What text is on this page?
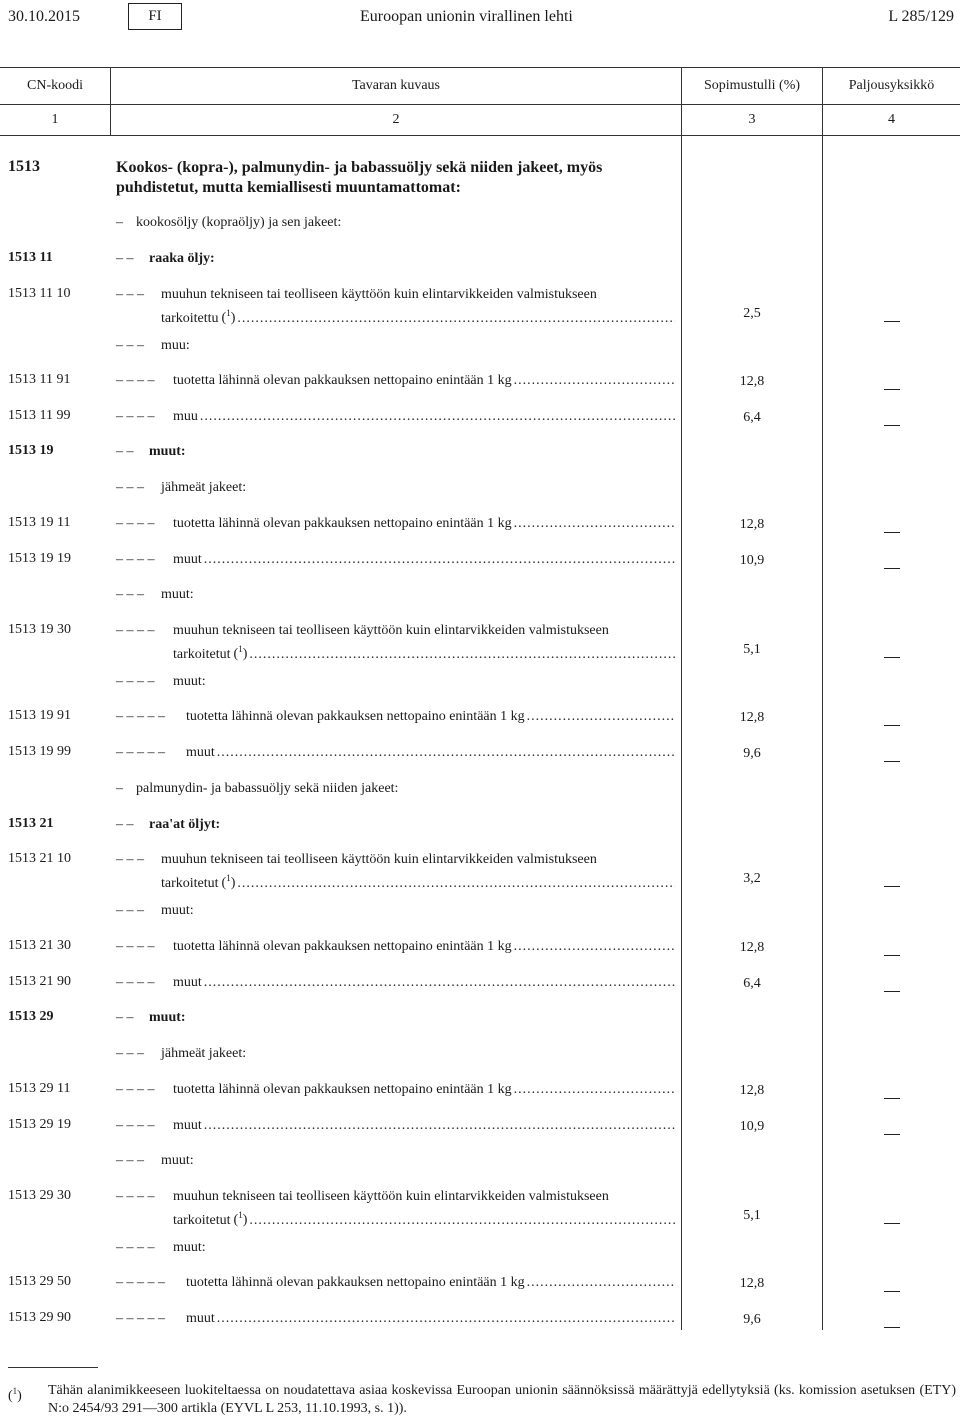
30.10.2015	FI	Euroopan unionin virallinen lehti	L 285/129
CN-koodi	Tavaran kuvaus	Sopimustulli (%)	Paljousyksikkö
1	2	3	4
1513	Kookos- (kopra-), palmunydin- ja babassuöljy sekä niiden jakeet, myös
puhdistetut, mutta kemiallisesti muuntamattomat:
– kookosöljy (kopraöljy) ja sen jakeet:
1513 11	– – raaka öljy:
1513 11 10	– – – muuhun tekniseen tai teolliseen käyttöön kuin elintarvikkeiden valmistukseen
tarkoitettu ($^1$) .....	2,5
– – – muu:
1513 11 91	– – – – tuotetta lähinnä olevan pakkauksen nettopaino enintään 1 kg .....	12,8
1513 11 99	– – – – muu .....	6,4
1513 19	– – muut:
– – – jähmeät jakeet:
1513 19 11	– – – – tuotetta lähinnä olevan pakkauksen nettopaino enintään 1 kg .....	12,8
1513 19 19	– – – – muut .....	10,9
– – – muut:
1513 19 30	– – – – muuhun tekniseen tai teolliseen käyttöön kuin elintarvikkeiden valmistukseen
tarkoitetut ($^1$) .....	5,1
– – – – muut:
1513 19 91	– – – – – tuotetta lähinnä olevan pakkauksen nettopaino enintään 1 kg .....	12,8
1513 19 99	– – – – – muut .....	9,6
– palmunydin- ja babassuöljy sekä niiden jakeet:
1513 21	– – raa'at öljyt:
1513 21 10	– – – muuhun tekniseen tai teolliseen käyttöön kuin elintarvikkeiden valmistukseen
tarkoitetut ($^1$) .....	3,2
– – – muut:
1513 21 30	– – – – tuotetta lähinnä olevan pakkauksen nettopaino enintään 1 kg .....	12,8
1513 21 90	– – – – muut .....	6,4
1513 29	– – muut:
– – – jähmeät jakeet:
1513 29 11	– – – – tuotetta lähinnä olevan pakkauksen nettopaino enintään 1 kg .....	12,8
1513 29 19	– – – – muut .....	10,9
– – – muut:
1513 29 30	– – – – muuhun tekniseen tai teolliseen käyttöön kuin elintarvikkeiden valmistukseen
tarkoitetut ($^1$) .....	5,1
– – – – muut:
1513 29 50	– – – – – tuotetta lähinnä olevan pakkauksen nettopaino enintään 1 kg .....	12,8
1513 29 90	– – – – – muut .....	9,6
($^1$) Tähän alanimikkeeseen luokiteltaessa on noudatettava asiaa koskevissa Euroopan unionin säännöksissä määrättyjä edellytyksiä (ks. komission asetuksen (ETY) N:o 2454/93 291—300 artikla (EYVL L 253, 11.10.1993, s. 1)).
